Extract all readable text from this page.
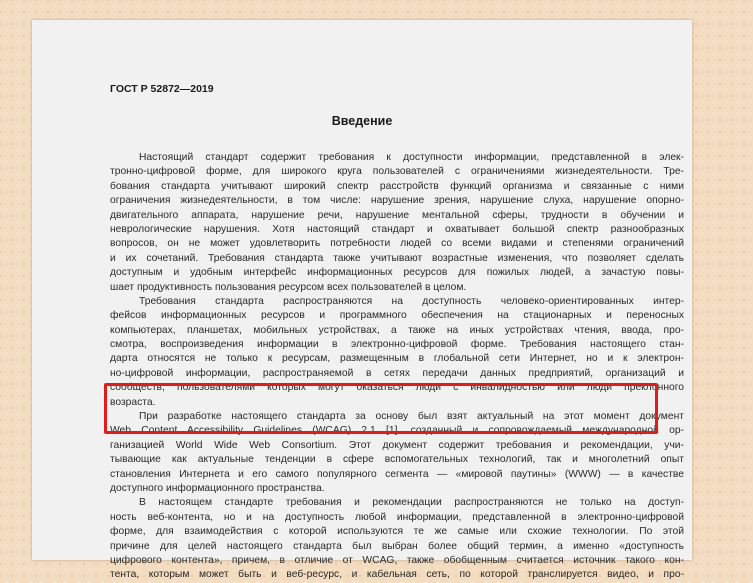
ГОСТ Р 52872—2019

Введение
Настоящий стандарт содержит требования к доступности информации, представленной в элек-
тронно-цифровой форме, для широкого круга пользователей с ограничениями жизнедеятельности. Тре-
бования стандарта учитывают широкий спектр расстройств функций организма и связанные с ними
ограничения жизнедеятельности, в том числе: нарушение зрения, нарушение слуха, нарушение опорно-
двигательного аппарата, нарушение речи, нарушение ментальной сферы, трудности в обучении и
неврологические нарушения. Хотя настоящий стандарт и охватывает большой спектр разнообразных
вопросов, он не может удовлетворить потребности людей со всеми видами и степенями ограничений
и их сочетаний. Требования стандарта также учитывают возрастные изменения, что позволяет сделать
доступным и удобным интерфейс информационных ресурсов для пожилых людей, а зачастую повы-
шает продуктивность пользования ресурсом всех пользователей в целом.
Требования стандарта распространяются на доступность человеко-ориентированных интер-
фейсов информационных ресурсов и программного обеспечения на стационарных и переносных
компьютерах, планшетах, мобильных устройствах, а также на иных устройствах чтения, ввода, про-
смотра, воспроизведения информации в электронно-цифровой форме. Требования настоящего стан-
дарта относятся не только к ресурсам, размещенным в глобальной сети Интернет, но и к электрон-
но-цифровой информации, распространяемой в сетях передачи данных предприятий, организаций и
сообществ, пользователями которых могут оказаться люди с инвалидностью или люди преклонного
возраста.
При разработке настоящего стандарта за основу был взят актуальный на этот момент документ
Web Content Accessibility Guidelines (WCAG) 2.1 [1], созданный и сопровождаемый международной ор-
ганизацией World Wide Web Consortium. Этот документ содержит требования и рекомендации, учи-
тывающие как актуальные тенденции в сфере вспомогательных технологий, так и многолетний опыт
становления Интернета и его самого популярного сегмента — «мировой паутины» (WWW) — в качестве
доступного информационного пространства.
В настоящем стандарте требования и рекомендации распространяются не только на доступ-
ность веб-контента, но и на доступность любой информации, представленной в электронно-цифровой
форме, для взаимодействия с которой используются те же самые или схожие технологии. По этой
причине для целей настоящего стандарта был выбран более общий термин, а именно «доступность
цифрового контента», причем, в отличие от WCAG, также обобщенным считается источник такого кон-
тента, которым может быть и веб-ресурс, и кабельная сеть, по которой транслируется видео, и про-
